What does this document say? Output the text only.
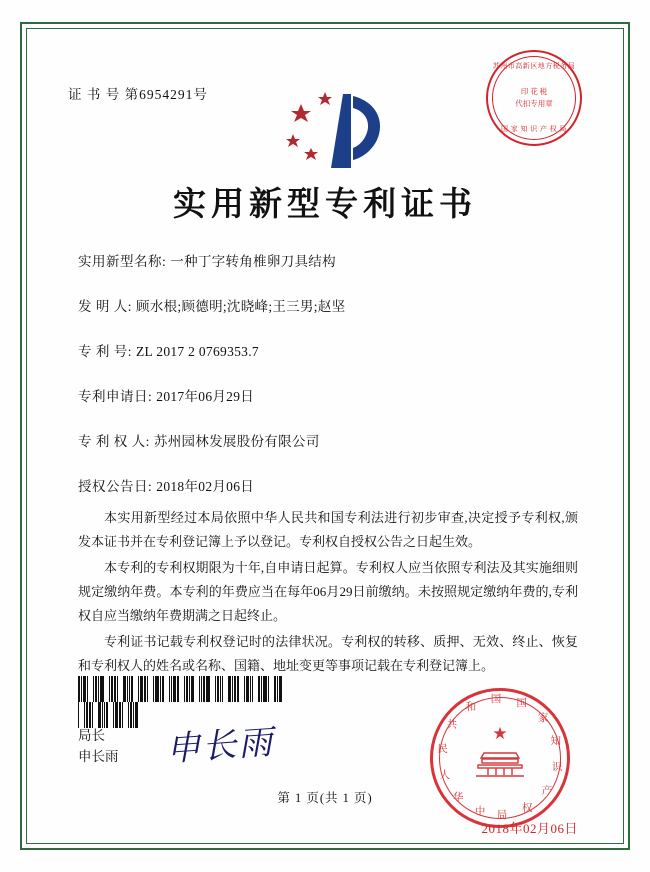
证 书 号 第6954291号
苏州市高新区地方税务局
印 花 税
代扣专用章
国 家 知 识 产 权 局
实用新型专利证书
实用新型名称: 一种丁字转角椎卵刀具结构
发 明 人: 顾水根;顾德明;沈晓峰;王三男;赵坚
专 利 号: ZL 2017 2 0769353.7
专利申请日: 2017年06月29日
专 利 权 人: 苏州园林发展股份有限公司
授权公告日: 2018年02月06日

本实用新型经过本局依照中华人民共和国专利法进行初步审查,决定授予专利权,颁发本证书并在专利登记簿上予以登记。专利权自授权公告之日起生效。

本专利的专利权期限为十年,自申请日起算。专利权人应当依照专利法及其实施细则规定缴纳年费。本专利的年费应当在每年06月29日前缴纳。未按照规定缴纳年费的,专利权自应当缴纳年费期满之日起终止。

专利证书记载专利权登记时的法律状况。专利权的转移、质押、无效、终止、恢复和专利权人的姓名或名称、国籍、地址变更等事项记载在专利登记簿上。

局长
申长雨 申长雨	★
中
华
人
民
共
和
国 国
家
知
识
产
权
局
2018年02月06日
第 1 页(共 1 页)
